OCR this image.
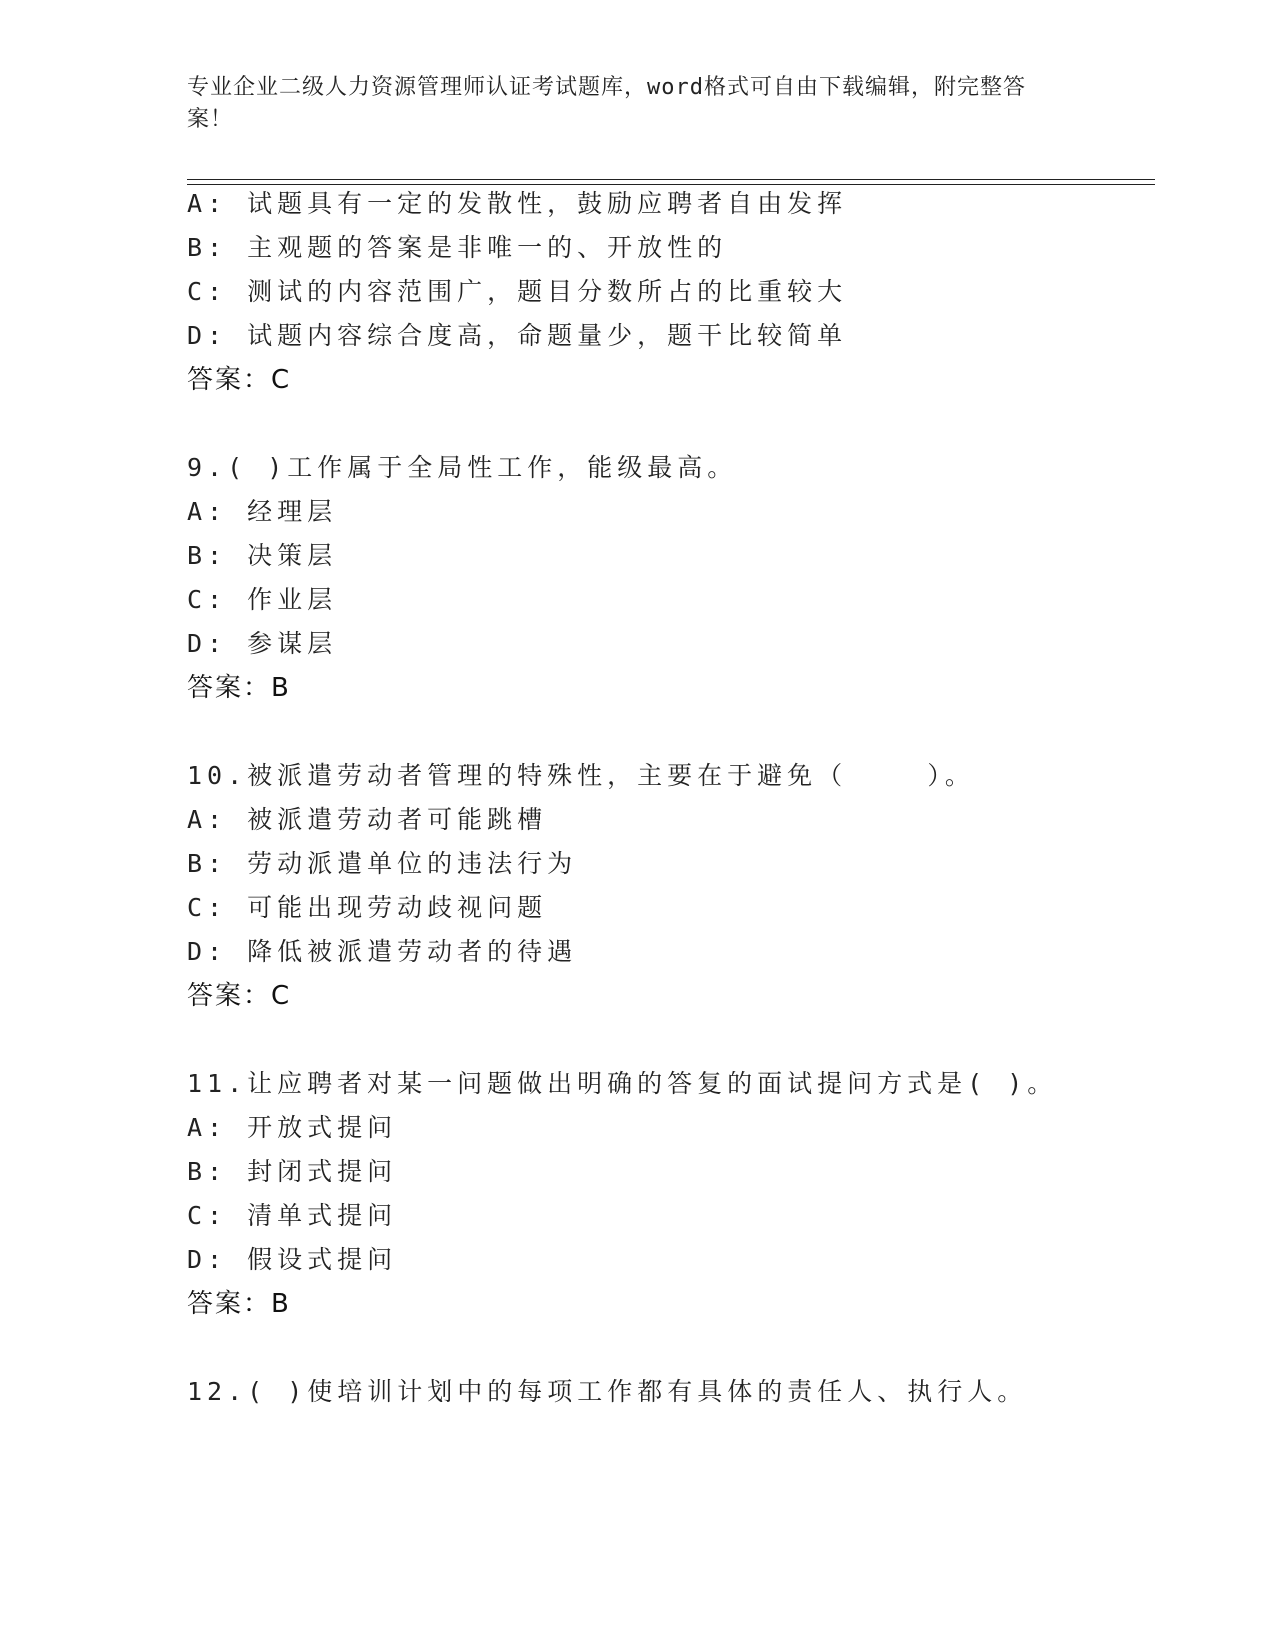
专业企业二级人力资源管理师认证考试题库，word格式可自由下载编辑，附完整答案！
A: 试题具有一定的发散性，鼓励应聘者自由发挥
B: 主观题的答案是非唯一的、开放性的
C: 测试的内容范围广，题目分数所占的比重较大
D: 试题内容综合度高，命题量少，题干比较简单
答案：C
9.( )工作属于全局性工作，能级最高。
A: 经理层
B: 决策层
C: 作业层
D: 参谋层
答案：B
10.被派遣劳动者管理的特殊性，主要在于避免（    ）。
A: 被派遣劳动者可能跳槽
B: 劳动派遣单位的违法行为
C: 可能出现劳动歧视问题
D: 降低被派遣劳动者的待遇
答案：C
11.让应聘者对某一问题做出明确的答复的面试提问方式是( )。
A: 开放式提问
B: 封闭式提问
C: 清单式提问
D: 假设式提问
答案：B
12.( )使培训计划中的每项工作都有具体的责任人、执行人。
